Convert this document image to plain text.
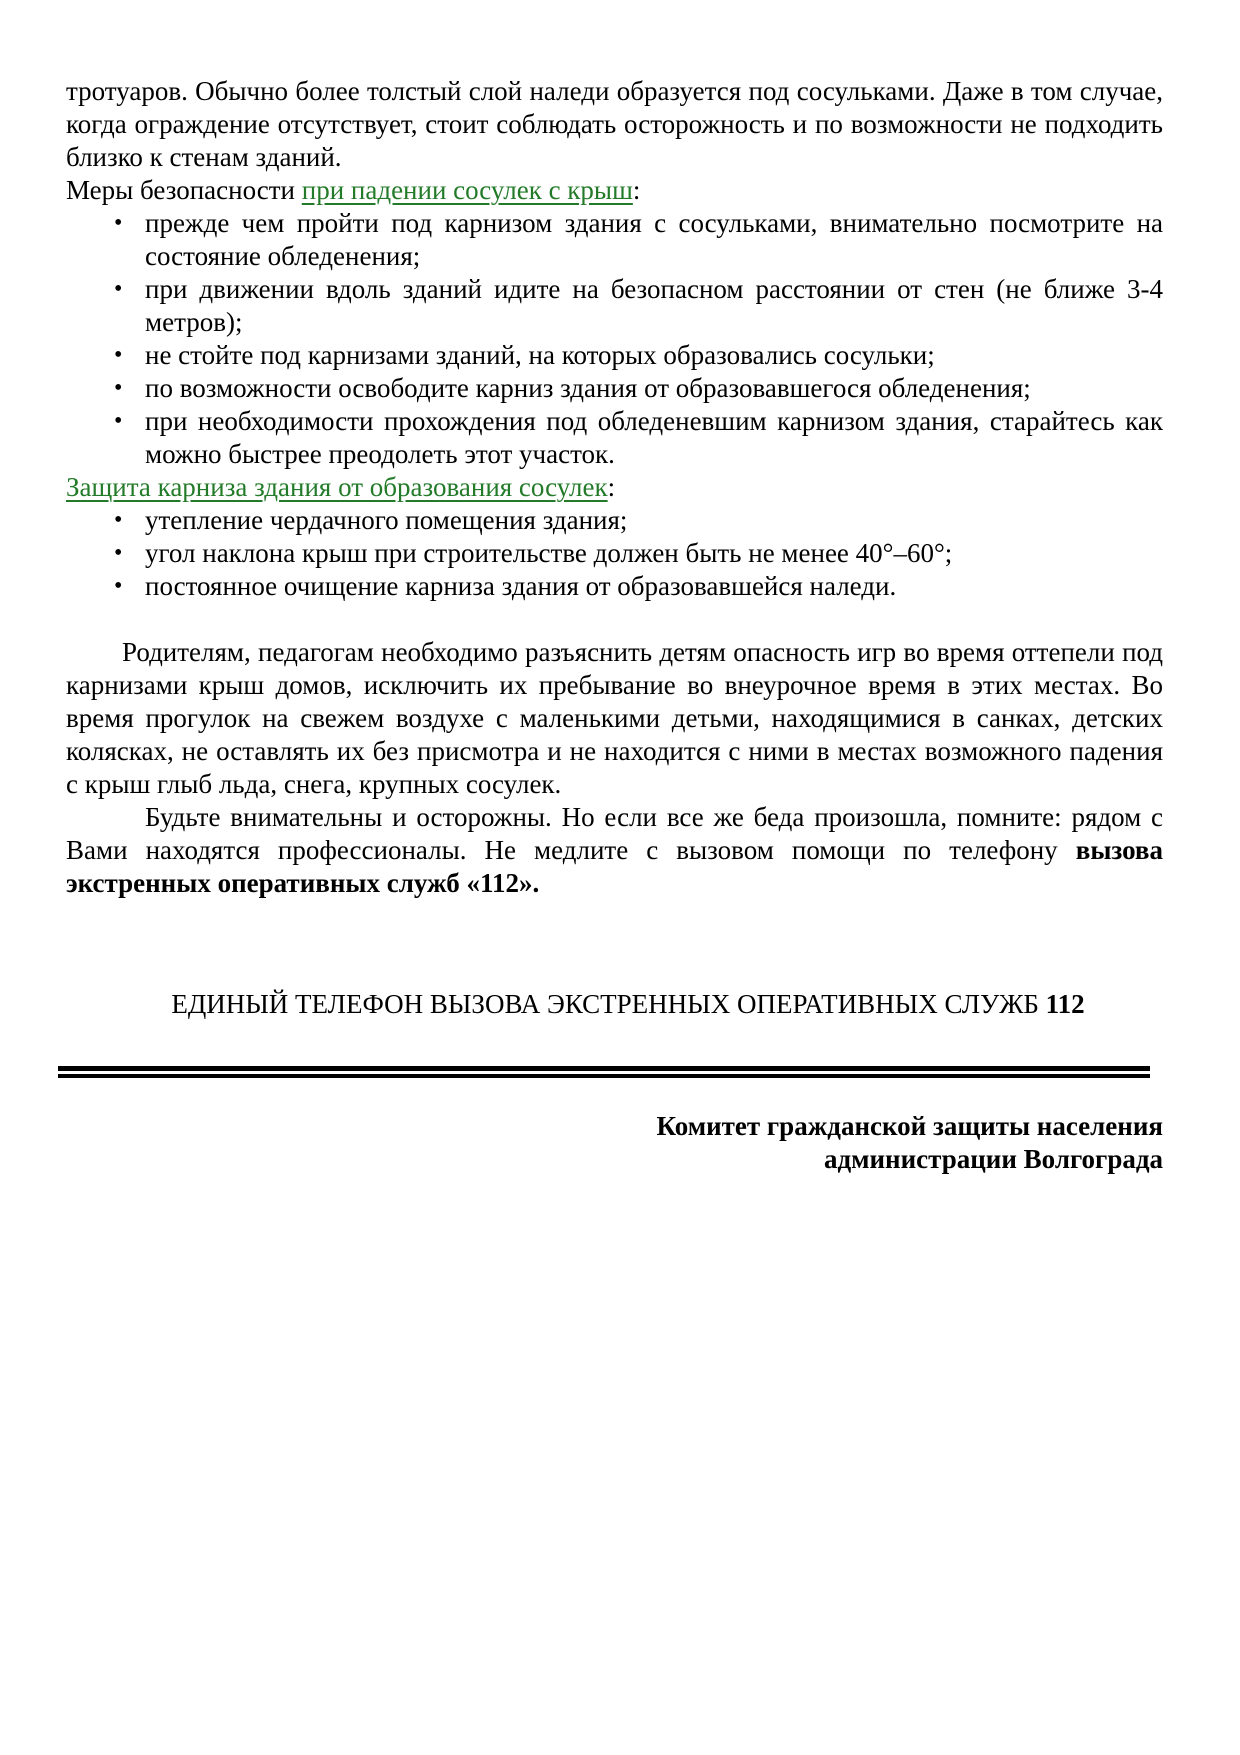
тротуаров. Обычно более толстый слой наледи образуется под сосульками. Даже в том случае, когда ограждение отсутствует, стоит соблюдать осторожность и по возможности не подходить близко к стенам зданий.

Меры безопасности при падении сосулек с крыш:

• прежде чем пройти под карнизом здания с сосульками, внимательно посмотрите на состояние обледенения;
• при движении вдоль зданий идите на безопасном расстоянии от стен (не ближе 3-4 метров);
• не стойте под карнизами зданий, на которых образовались сосульки;
• по возможности освободите карниз здания от образовавшегося обледенения;
• при необходимости прохождения под обледеневшим карнизом здания, старайтесь как можно быстрее преодолеть этот участок.

Защита карниза здания от образования сосулек:

• утепление чердачного помещения здания;
• угол наклона крыш при строительстве должен быть не менее 40°–60°;
• постоянное очищение карниза здания от образовавшейся наледи.

Родителям, педагогам необходимо разъяснить детям опасность игр во время оттепели под карнизами крыш домов, исключить их пребывание во внеурочное время в этих местах. Во время прогулок на свежем воздухе с маленькими детьми, находящимися в санках, детских колясках, не оставлять их без присмотра и не находится с ними в местах возможного падения с крыш глыб льда, снега, крупных сосулек.

Будьте внимательны и осторожны. Но если все же беда произошла, помните: рядом с Вами находятся профессионалы. Не медлите с вызовом помощи по телефону вызова экстренных оперативных служб «112».

ЕДИНЫЙ ТЕЛЕФОН ВЫЗОВА ЭКСТРЕННЫХ ОПЕРАТИВНЫХ СЛУЖБ 112

Комитет гражданской защиты населения
администрации Волгограда
